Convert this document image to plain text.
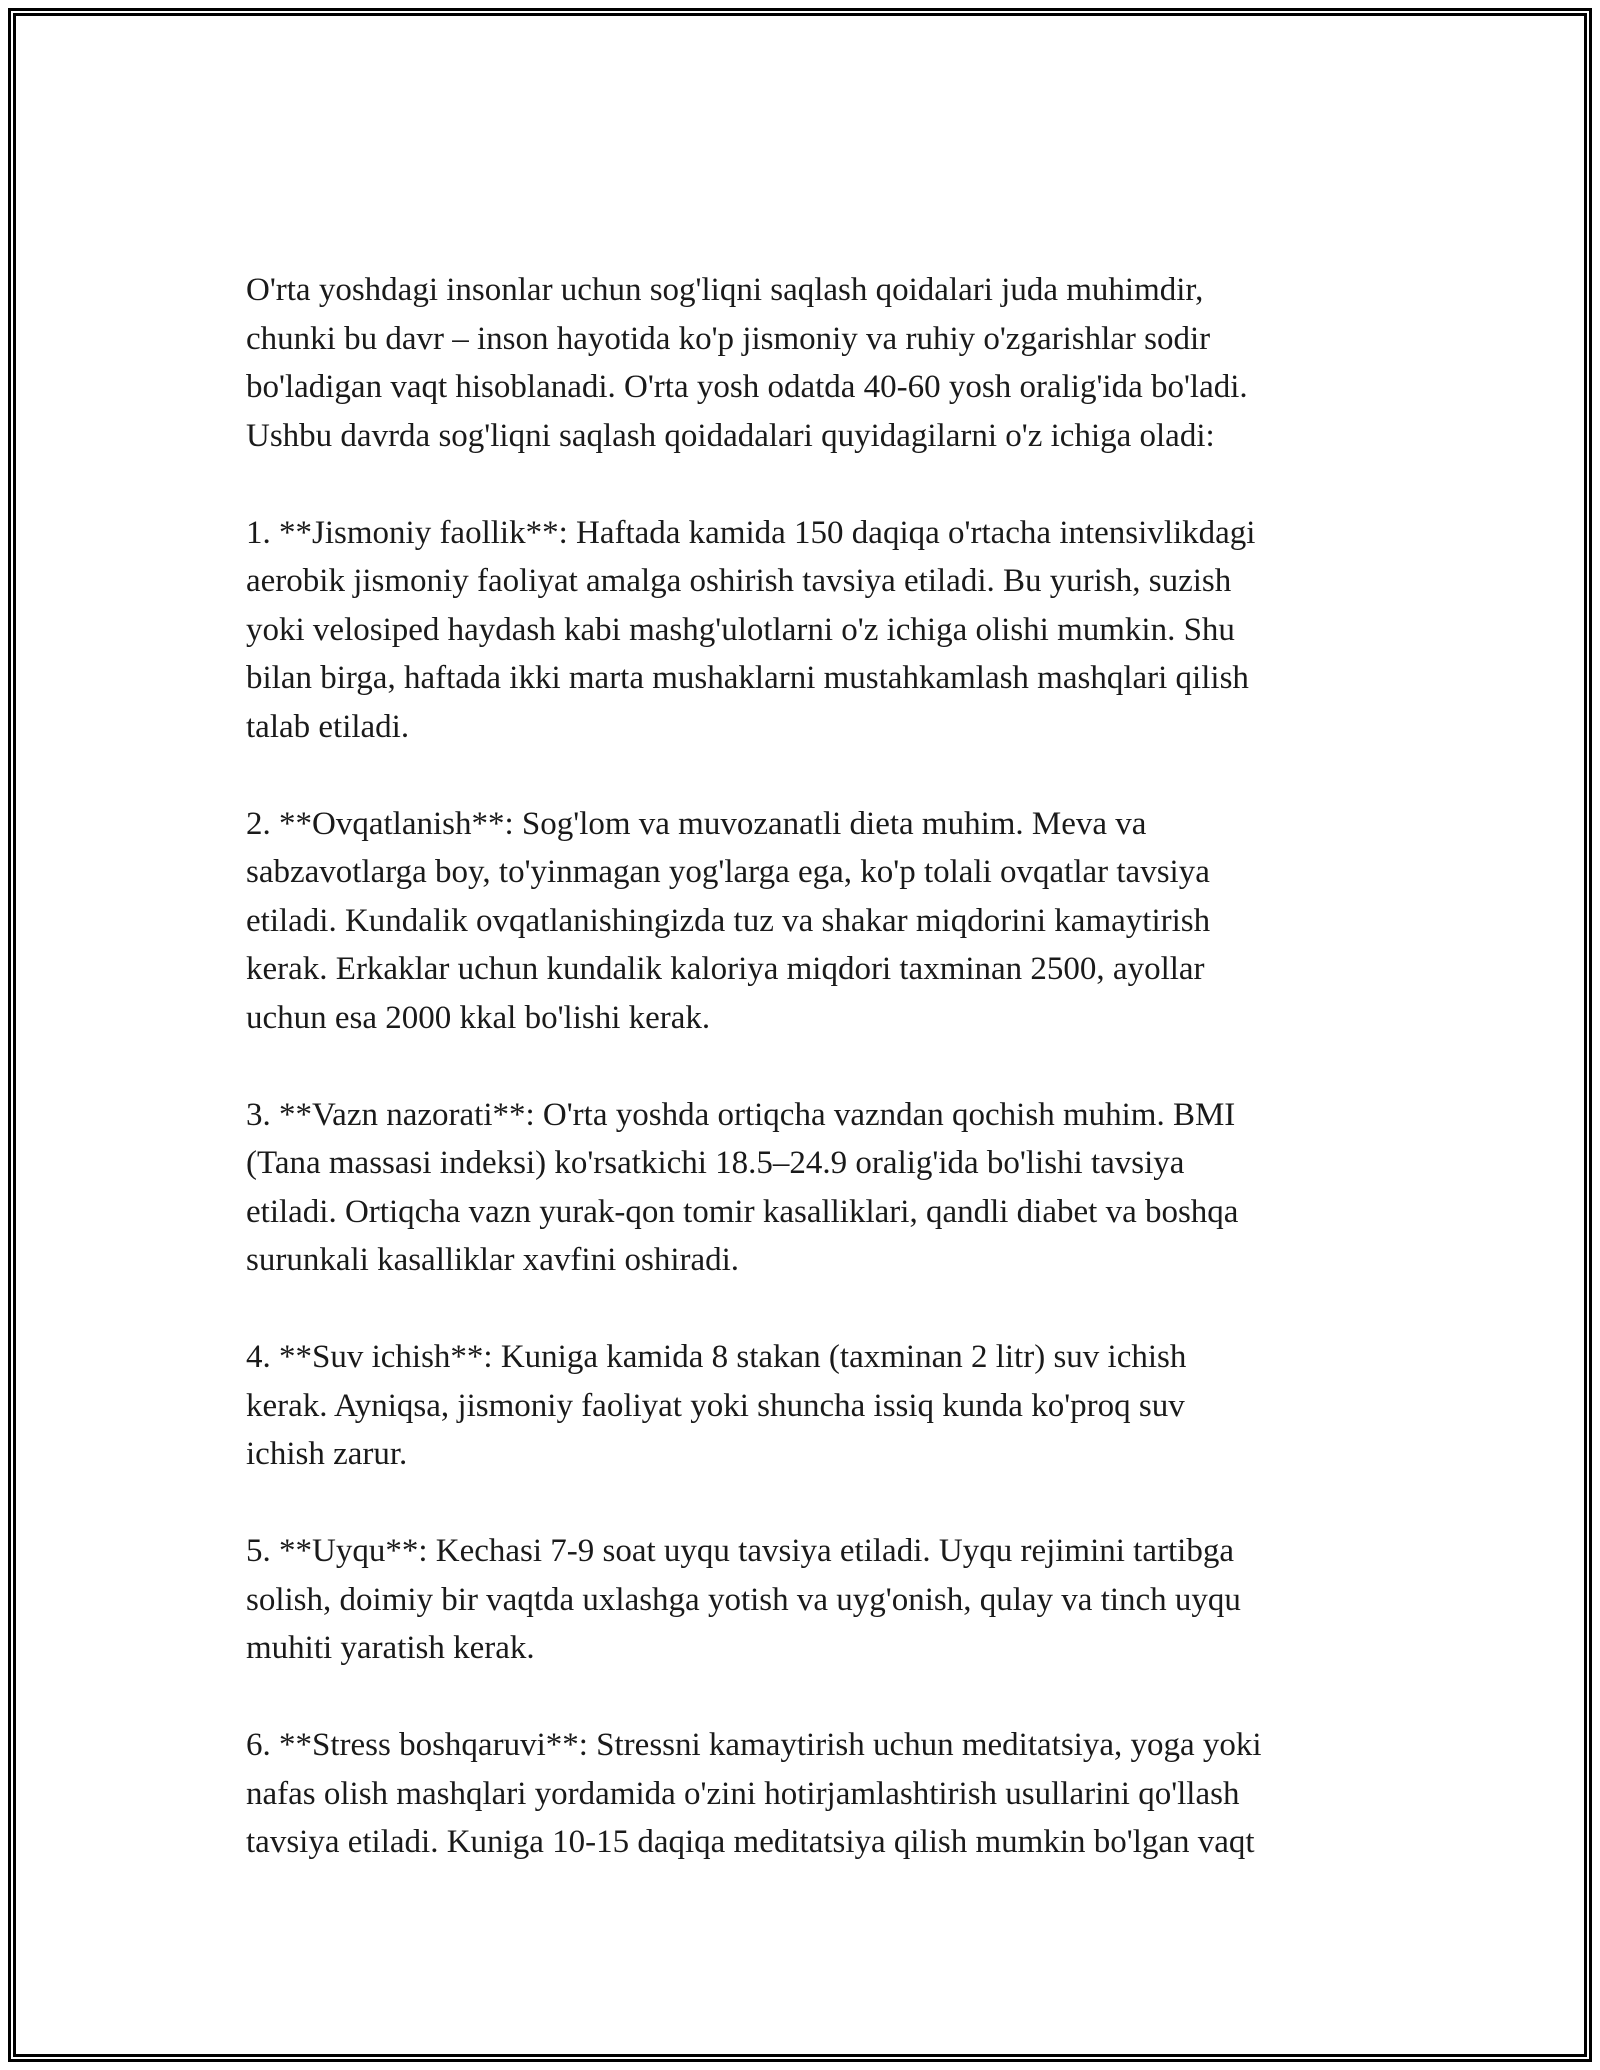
O'rta yoshdagi insonlar uchun sog'liqni saqlash qoidalari juda muhimdir,
chunki bu davr – inson hayotida ko'p jismoniy va ruhiy o'zgarishlar sodir
bo'ladigan vaqt hisoblanadi. O'rta yosh odatda 40-60 yosh oralig'ida bo'ladi.
Ushbu davrda sog'liqni saqlash qoidadalari quyidagilarni o'z ichiga oladi:

1. **Jismoniy faollik**: Haftada kamida 150 daqiqa o'rtacha intensivlikdagi
aerobik jismoniy faoliyat amalga oshirish tavsiya etiladi. Bu yurish, suzish
yoki velosiped haydash kabi mashg'ulotlarni o'z ichiga olishi mumkin. Shu
bilan birga, haftada ikki marta mushaklarni mustahkamlash mashqlari qilish
talab etiladi.

2. **Ovqatlanish**: Sog'lom va muvozanatli dieta muhim. Meva va
sabzavotlarga boy, to'yinmagan yog'larga ega, ko'p tolali ovqatlar tavsiya
etiladi. Kundalik ovqatlanishingizda tuz va shakar miqdorini kamaytirish
kerak. Erkaklar uchun kundalik kaloriya miqdori taxminan 2500, ayollar
uchun esa 2000 kkal bo'lishi kerak.

3. **Vazn nazorati**: O'rta yoshda ortiqcha vazndan qochish muhim. BMI
(Tana massasi indeksi) ko'rsatkichi 18.5–24.9 oralig'ida bo'lishi tavsiya
etiladi. Ortiqcha vazn yurak-qon tomir kasalliklari, qandli diabet va boshqa
surunkali kasalliklar xavfini oshiradi.

4. **Suv ichish**: Kuniga kamida 8 stakan (taxminan 2 litr) suv ichish
kerak. Ayniqsa, jismoniy faoliyat yoki shuncha issiq kunda ko'proq suv
ichish zarur.

5. **Uyqu**: Kechasi 7-9 soat uyqu tavsiya etiladi. Uyqu rejimini tartibga
solish, doimiy bir vaqtda uxlashga yotish va uyg'onish, qulay va tinch uyqu
muhiti yaratish kerak.

6. **Stress boshqaruvi**: Stressni kamaytirish uchun meditatsiya, yoga yoki
nafas olish mashqlari yordamida o'zini hotirjamlashtirish usullarini qo'llash
tavsiya etiladi. Kuniga 10-15 daqiqa meditatsiya qilish mumkin bo'lgan vaqt
